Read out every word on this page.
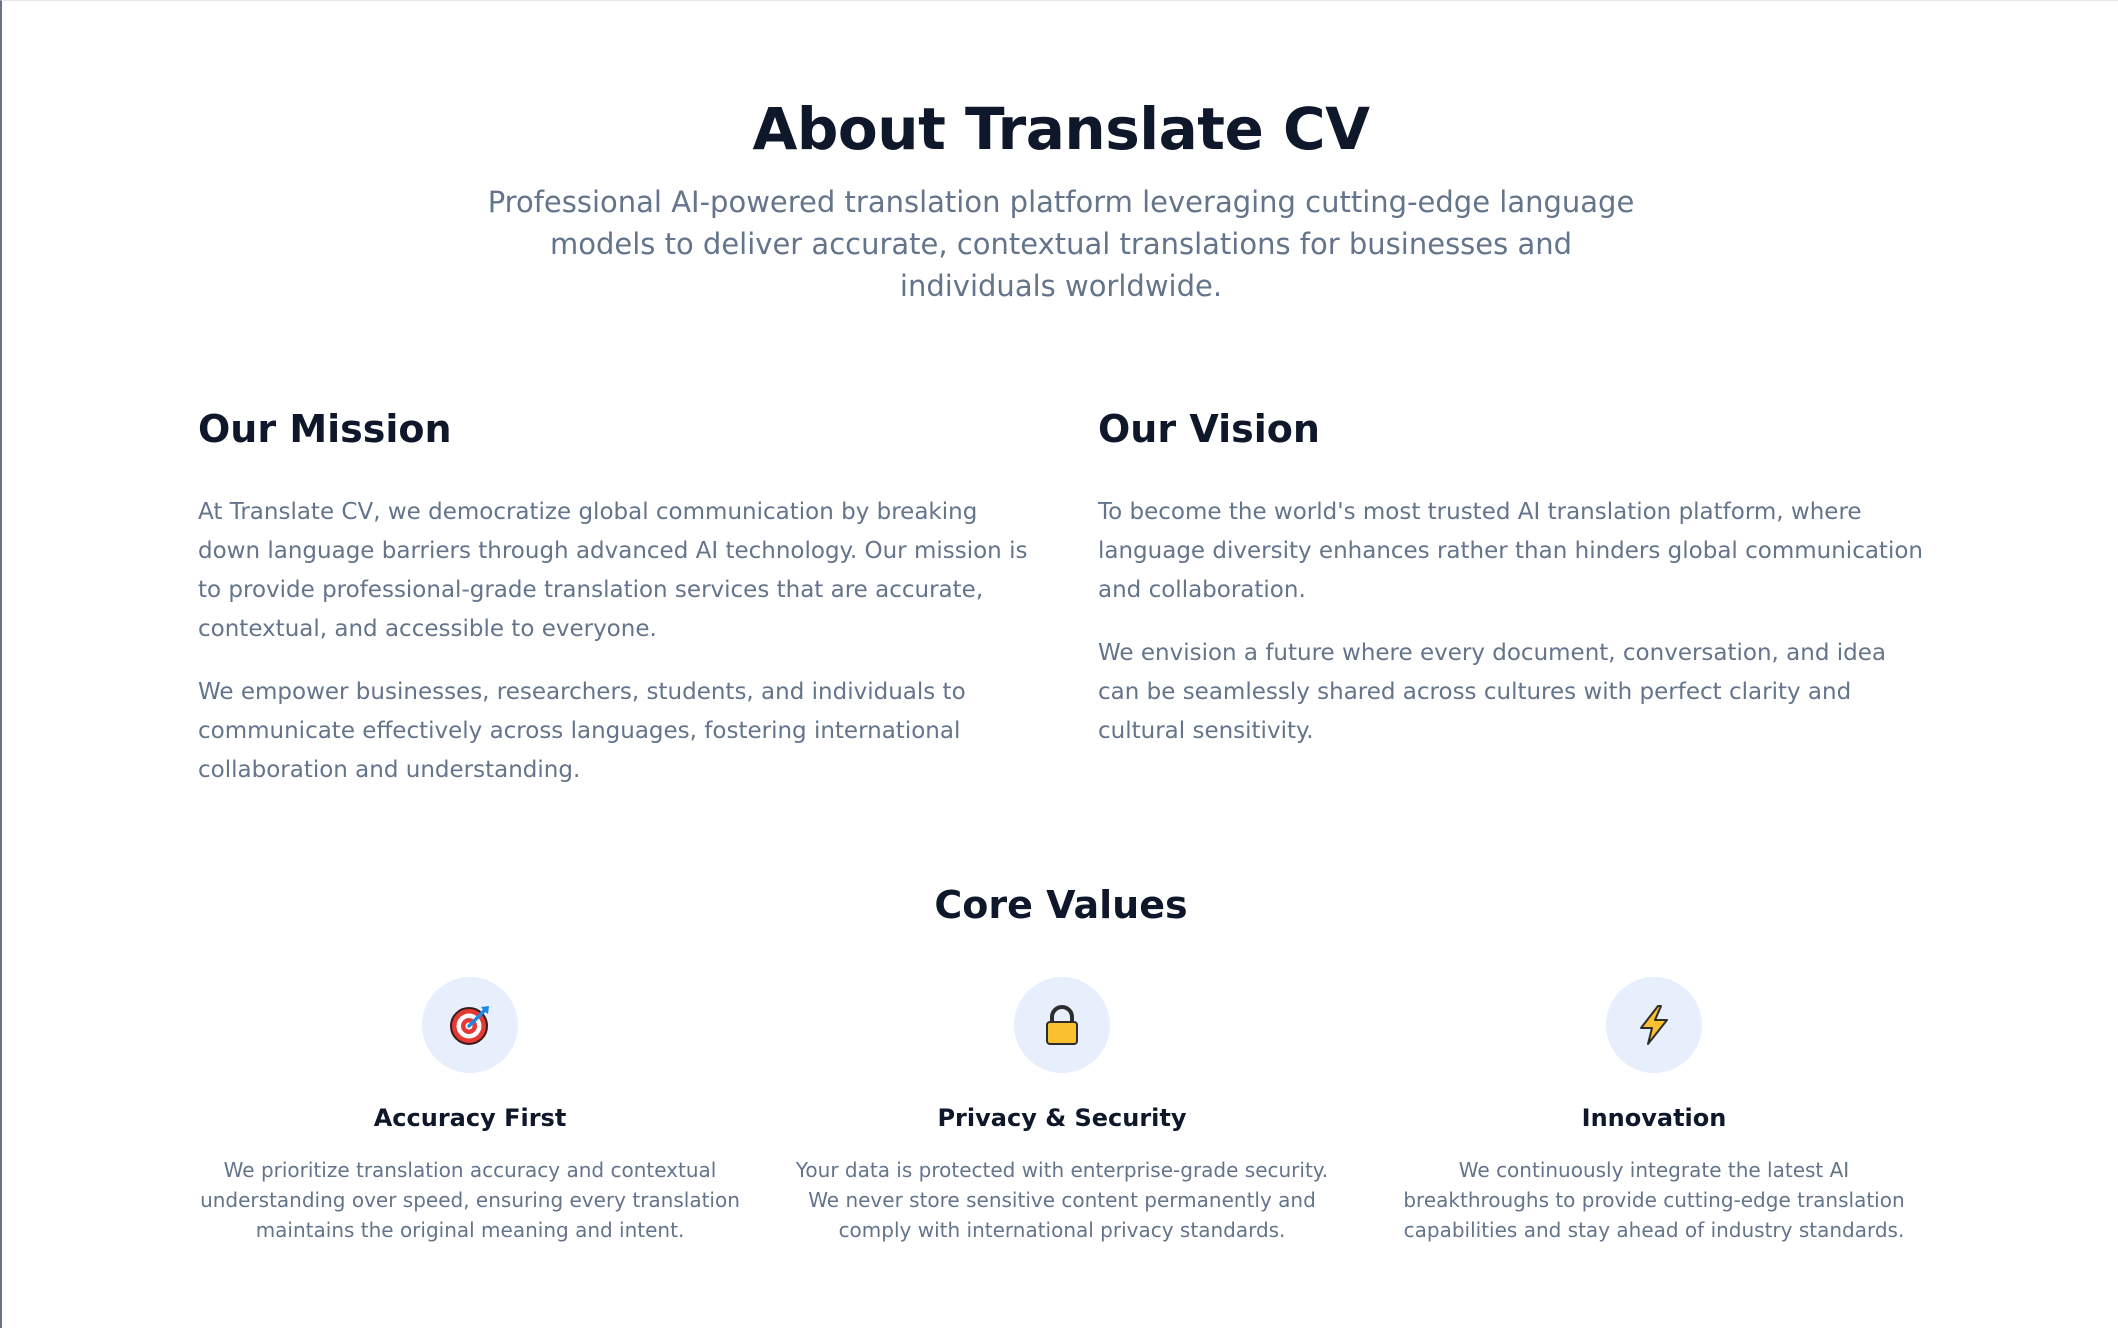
About Translate CV

Professional AI-powered translation platform leveraging cutting-edge language models to deliver accurate, contextual translations for businesses and individuals worldwide.

Our Mission

At Translate CV, we democratize global communication by breaking down language barriers through advanced AI technology. Our mission is to provide professional-grade translation services that are accurate, contextual, and accessible to everyone.

We empower businesses, researchers, students, and individuals to communicate effectively across languages, fostering international collaboration and understanding.

Our Vision

To become the world's most trusted AI translation platform, where language diversity enhances rather than hinders global communication and collaboration.

We envision a future where every document, conversation, and idea can be seamlessly shared across cultures with perfect clarity and cultural sensitivity.

Core Values
Accuracy First
We prioritize translation accuracy and contextual understanding over speed, ensuring every translation maintains the original meaning and intent.
Privacy & Security
Your data is protected with enterprise-grade security. We never store sensitive content permanently and comply with international privacy standards.
Innovation
We continuously integrate the latest AI breakthroughs to provide cutting-edge translation capabilities and stay ahead of industry standards.
